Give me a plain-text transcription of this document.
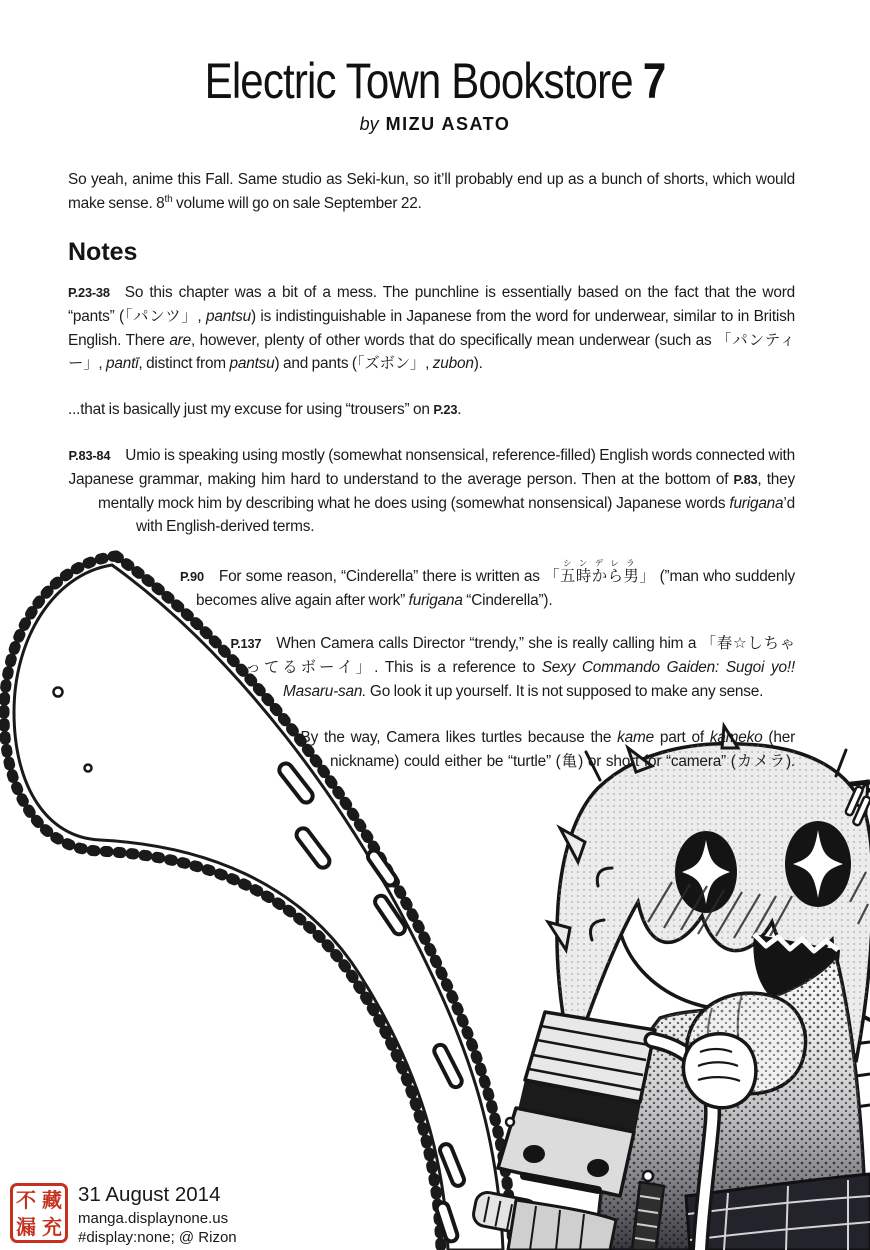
Electric Town Bookstore 7
by MIZU ASATO

So yeah, anime this Fall. Same studio as Seki-kun, so it’ll probably end up as a bunch of shorts, which would make sense. 8th volume will go on sale September 22.

Notes

P.23-38   So this chapter was a bit of a mess. The punchline is essentially based on the fact that the word “pants” (「パンツ」, pantsu) is indistinguishable in Japanese from the word for underwear, similar to in British English. There are, however, plenty of other words that do specifically mean underwear (such as 「パンティー」, pantī, distinct from pantsu) and pants (「ズボン」, zubon).

...that is basically just my excuse for using “trousers” on P.23.

P.83-84   Umio is speaking using mostly (somewhat nonsensical, reference-filled) English words connected with Japanese grammar, making him hard to understand to the average person. Then at the bottom of P.83, they mentally mock him by describing what he does using (somewhat nonsensical) Japanese words furigana’d with English-derived terms.

P.90   For some reason, “Cinderella” there is written as 「五時から男シンデレラ」 (”man who suddenly becomes alive again after work” furigana “Cinderella”).

P.137   When Camera calls Director “trendy,” she is really calling him a 「春☆しちゃってるボーイ」. This is a reference to Sexy Commando Gaiden: Sugoi yo!! Masaru-san. Go look it up yourself. It is not supposed to make any sense.

By the way, Camera likes turtles because the kame part of kameko (her nickname) could either be “turtle” (亀) or short for “camera” (カメラ).

不 藏
漏 充
31 August 2014
manga.displaynone.us
#display:none; @ Rizon
